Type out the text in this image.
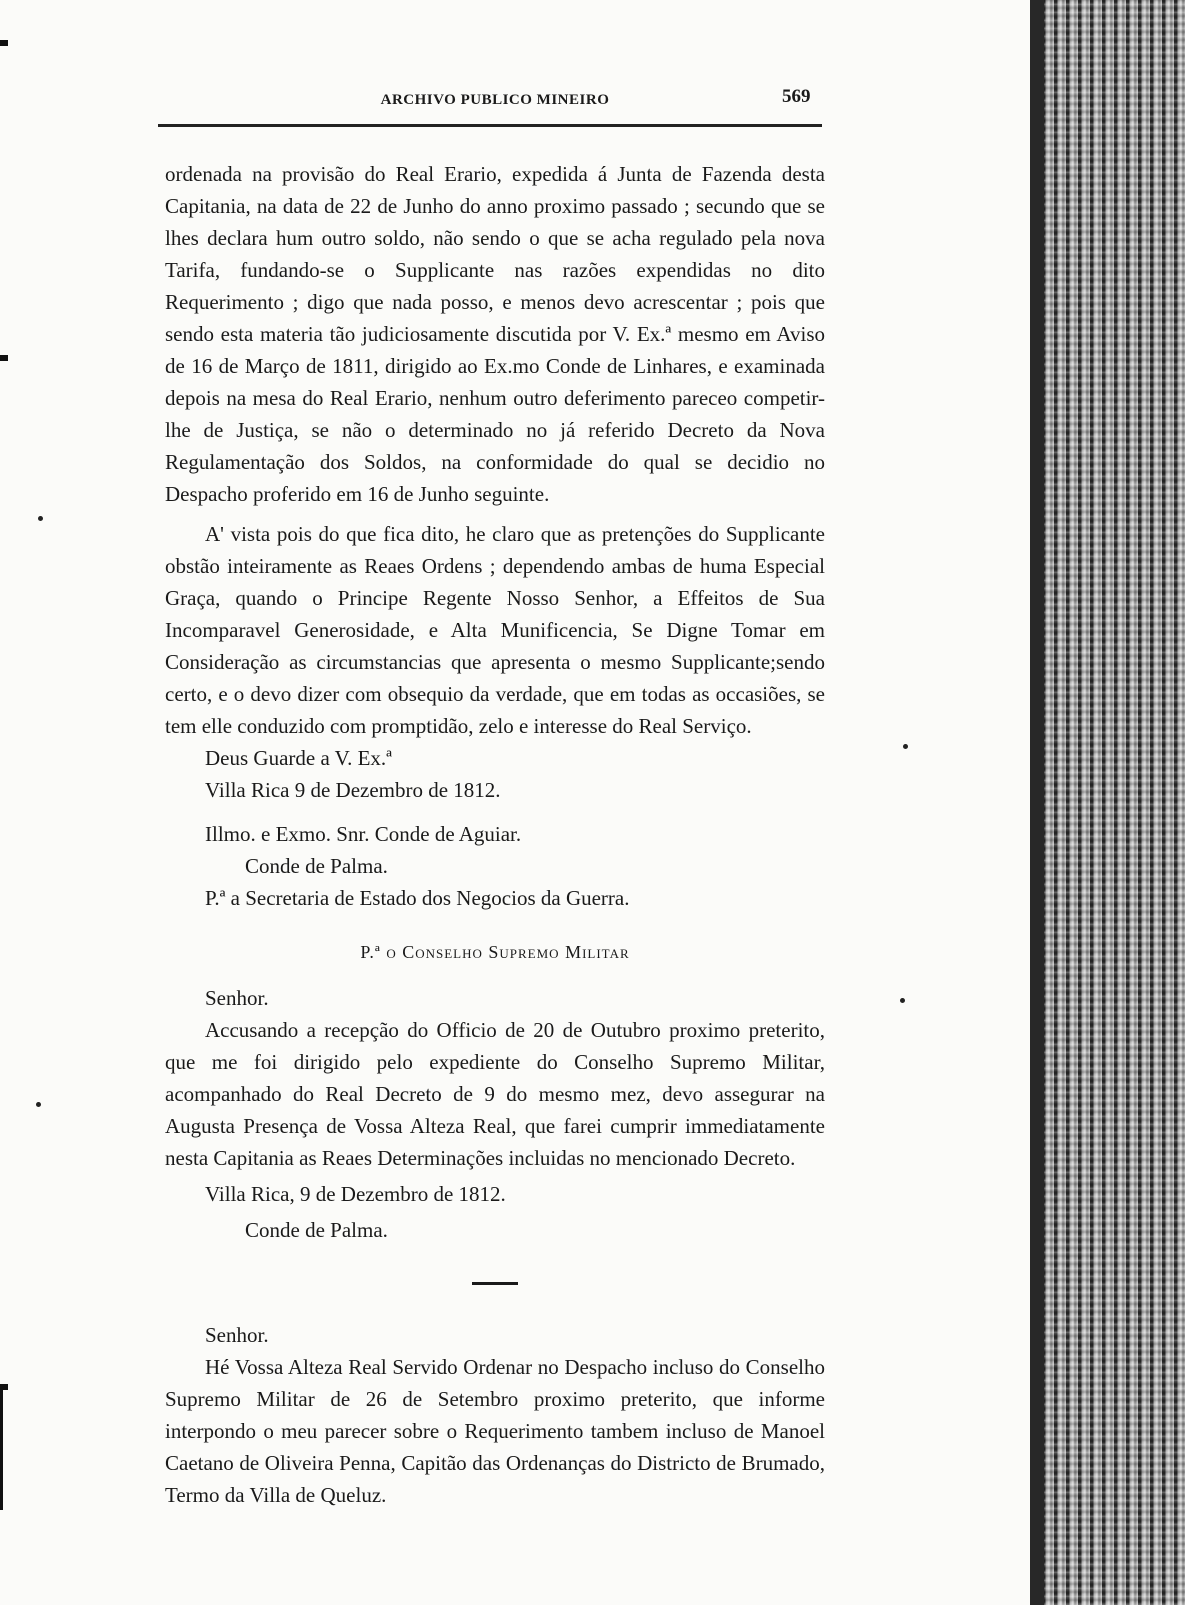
ARCHIVO PUBLICO MINEIRO	569

ordenada na provisão do Real Erario, expedida á Junta de Fazenda desta Capitania, na data de 22 de Junho do anno proximo passado ; secundo que se lhes declara hum outro soldo, não sendo o que se acha regulado pela nova Tarifa, fundando-se o Supplicante nas razões expendidas no dito Requerimento ; digo que nada posso, e menos devo acrescentar ; pois que sendo esta materia tão judiciosamente discutida por V. Ex.ª mesmo em Aviso de 16 de Março de 1811, dirigido ao Ex.mo Conde de Linhares, e examinada depois na mesa do Real Erario, nenhum outro deferimento pareceo competir-lhe de Justiça, se não o determinado no já referido Decreto da Nova Regulamentação dos Soldos, na conformidade do qual se decidio no Despacho proferido em 16 de Junho seguinte.

A' vista pois do que fica dito, he claro que as pretenções do Supplicante obstão inteiramente as Reaes Ordens ; dependendo ambas de huma Especial Graça, quando o Principe Regente Nosso Senhor, a Effeitos de Sua Incomparavel Generosidade, e Alta Munificencia, Se Digne Tomar em Consideração as circumstancias que apresenta o mesmo Supplicante;sendo certo, e o devo dizer com obsequio da verdade, que em todas as occasiões, se tem elle conduzido com promptidão, zelo e interesse do Real Serviço.

Deus Guarde a V. Ex.ª
Villa Rica 9 de Dezembro de 1812.
Illmo. e Exmo. Snr. Conde de Aguiar.
Conde de Palma.
P.ª a Secretaria de Estado dos Negocios da Guerra.
P.ª o Conselho Supremo Militar
Senhor.

Accusando a recepção do Officio de 20 de Outubro proximo preterito, que me foi dirigido pelo expediente do Conselho Supremo Militar, acompanhado do Real Decreto de 9 do mesmo mez, devo assegurar na Augusta Presença de Vossa Alteza Real, que farei cumprir immediatamente nesta Capitania as Reaes Determinações incluidas no mencionado Decreto.

Villa Rica, 9 de Dezembro de 1812.
Conde de Palma.
Senhor.

Hé Vossa Alteza Real Servido Ordenar no Despacho incluso do Conselho Supremo Militar de 26 de Setembro proximo preterito, que informe interpondo o meu parecer sobre o Requerimento tambem incluso de Manoel Caetano de Oliveira Penna, Capitão das Ordenanças do Districto de Brumado, Termo da Villa de Queluz.
